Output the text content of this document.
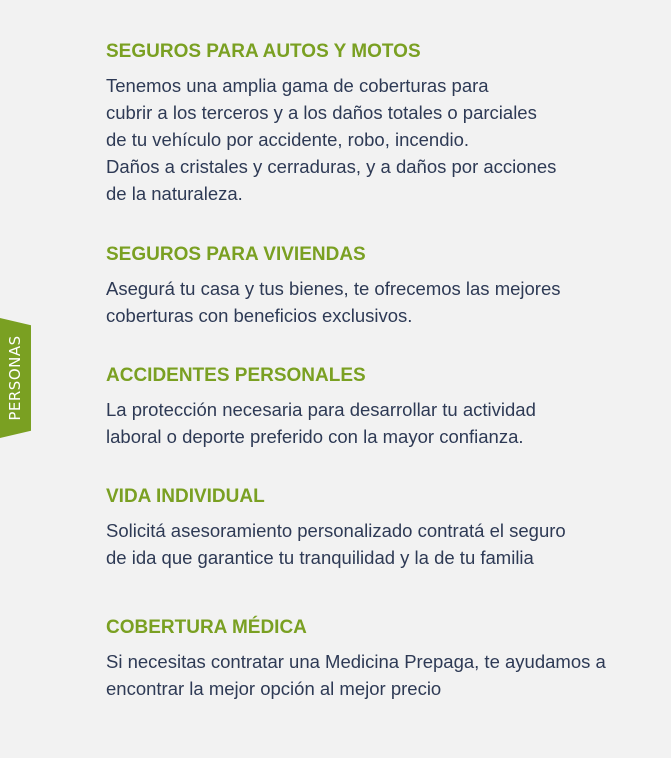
PERSONAS
SEGUROS PARA AUTOS Y MOTOS

Tenemos una amplia gama de coberturas para
cubrir a los terceros y a los daños totales o parciales
de tu vehículo por accidente, robo, incendio.
Daños a cristales y cerraduras, y a daños por acciones
de la naturaleza.

SEGUROS PARA VIVIENDAS

Asegurá tu casa y tus bienes, te ofrecemos las mejores
coberturas con beneficios exclusivos.

ACCIDENTES PERSONALES

La protección necesaria para desarrollar tu actividad
laboral o deporte preferido con la mayor confianza.

VIDA INDIVIDUAL

Solicitá asesoramiento personalizado contratá el seguro
de ida que garantice tu tranquilidad y la de tu familia

COBERTURA MÉDICA

Si necesitas contratar una Medicina Prepaga, te ayudamos a
encontrar la mejor opción al mejor precio
